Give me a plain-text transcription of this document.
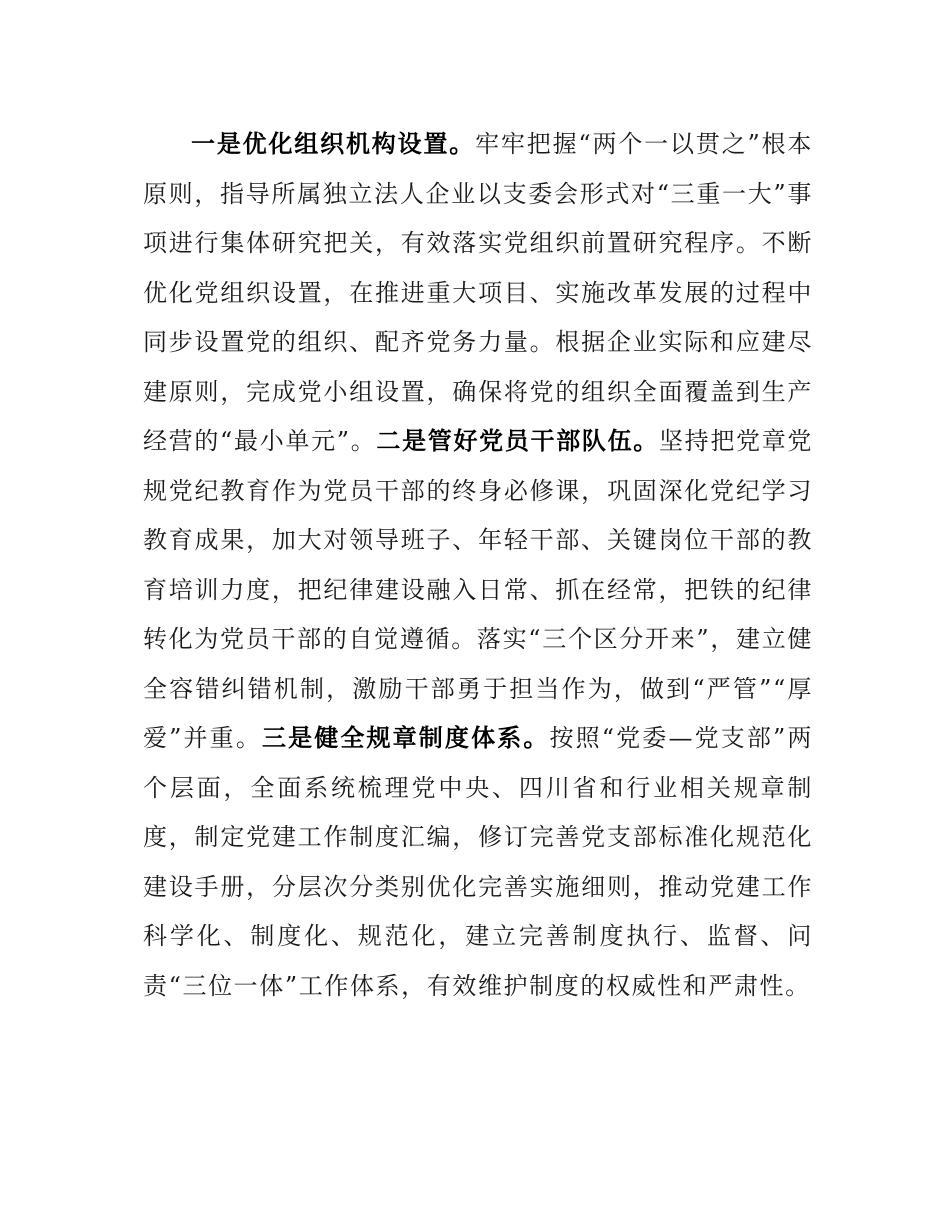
一是优化组织机构设置。牢牢把握“两个一以贯之”根本原则，指导所属独立法人企业以支委会形式对“三重一大”事项进行集体研究把关，有效落实党组织前置研究程序。不断优化党组织设置，在推进重大项目、实施改革发展的过程中同步设置党的组织、配齐党务力量。根据企业实际和应建尽建原则，完成党小组设置，确保将党的组织全面覆盖到生产经营的“最小单元”。二是管好党员干部队伍。坚持把党章党规党纪教育作为党员干部的终身必修课，巩固深化党纪学习教育成果，加大对领导班子、年轻干部、关键岗位干部的教育培训力度，把纪律建设融入日常、抓在经常，把铁的纪律转化为党员干部的自觉遵循。落实“三个区分开来”，建立健全容错纠错机制，激励干部勇于担当作为，做到“严管”“厚爱”并重。三是健全规章制度体系。按照“党委—党支部”两个层面，全面系统梳理党中央、四川省和行业相关规章制度，制定党建工作制度汇编，修订完善党支部标准化规范化建设手册，分层次分类别优化完善实施细则，推动党建工作科学化、制度化、规范化，建立完善制度执行、监督、问责“三位一体”工作体系，有效维护制度的权威性和严肃性。
